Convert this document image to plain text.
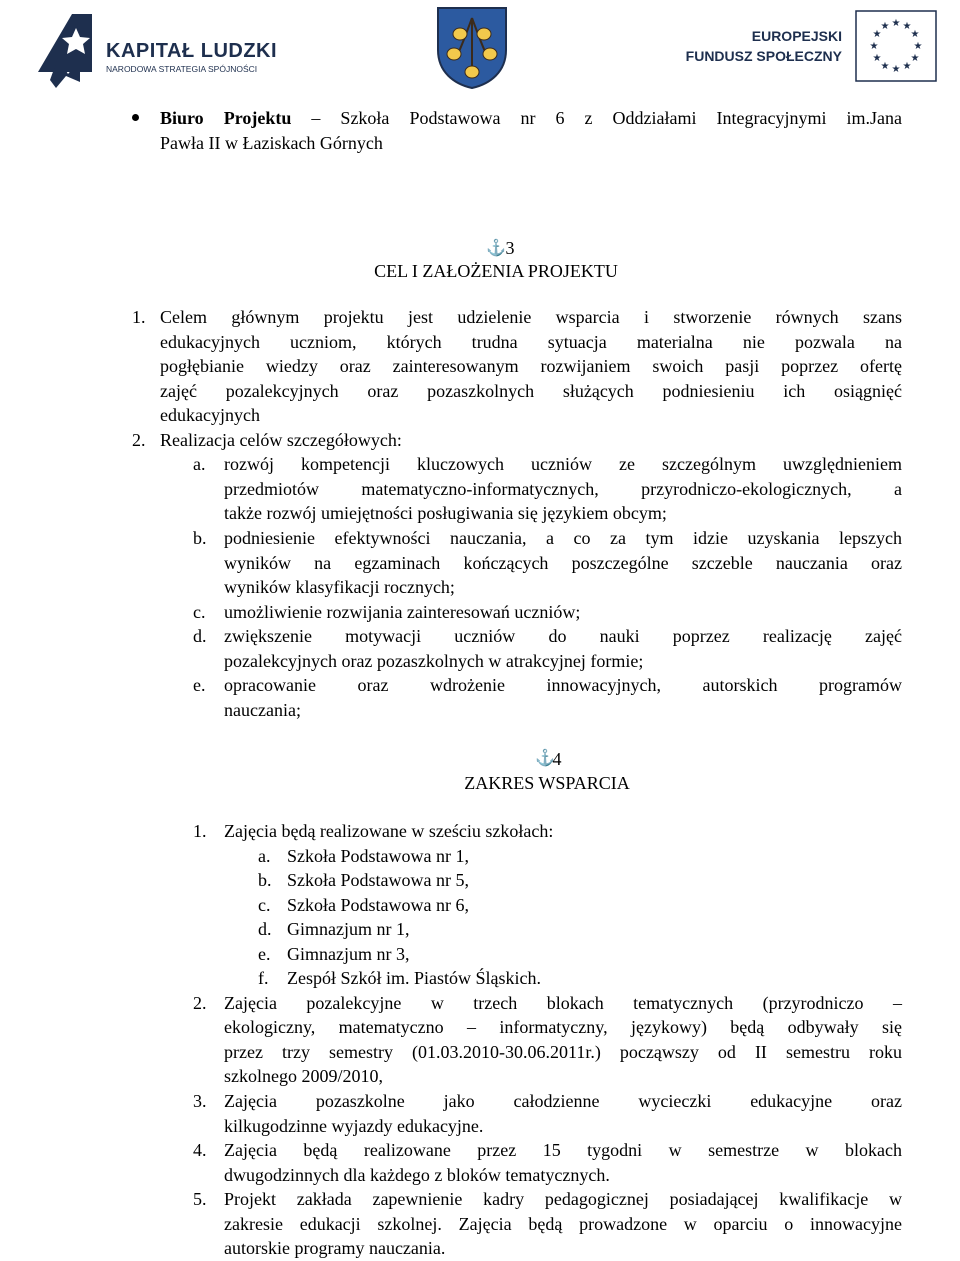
KAPITAŁ LUDZKI
NARODOWA STRATEGIA SPÓJNOŚCI
EUROPEJSKI
FUNDUSZ SPOŁECZNY
★ ★
★
★
★
★
★
★
★
★
★
★
Biuro Projektu – Szkoła Podstawowa nr 6 z Oddziałami Integracyjnymi im.Jana
Pawła II w Łaziskach Górnych
⚓ 3
CEL I ZAŁOŻENIA PROJEKTU
1. Celem głównym projektu jest udzielenie wsparcia i stworzenie równych szans
edukacyjnych uczniom, których trudna sytuacja materialna nie pozwala na
pogłębianie wiedzy oraz zainteresowanym rozwijaniem swoich pasji poprzez ofertę
zajęć pozalekcyjnych oraz pozaszkolnych służących podniesieniu ich osiągnięć
edukacyjnych
2. Realizacja celów szczegółowych:
a. rozwój kompetencji kluczowych uczniów ze szczególnym uwzględnieniem
przedmiotów matematyczno-informatycznych, przyrodniczo-ekologicznych, a
także rozwój umiejętności posługiwania się językiem obcym;
b. podniesienie efektywności nauczania, a co za tym idzie uzyskania lepszych
wyników na egzaminach kończących poszczególne szczeble nauczania oraz
wyników klasyfikacji rocznych;
c. umożliwienie rozwijania zainteresowań uczniów;
d. zwiększenie motywacji uczniów do nauki poprzez realizację zajęć
pozalekcyjnych oraz pozaszkolnych w atrakcyjnej formie;
e. opracowanie oraz wdrożenie innowacyjnych, autorskich programów
nauczania;
⚓
4
ZAKRES WSPARCIA
1. Zajęcia będą realizowane w sześciu szkołach:
a. Szkoła Podstawowa nr 1,
b. Szkoła Podstawowa nr 5,
c. Szkoła Podstawowa nr 6,
d. Gimnazjum nr 1,
e. Gimnazjum nr 3,
f. Zespół Szkół im. Piastów Śląskich.
2. Zajęcia pozalekcyjne w trzech blokach tematycznych (przyrodniczo –
ekologiczny, matematyczno – informatyczny, językowy) będą odbywały się
przez trzy semestry (01.03.2010-30.06.2011r.) począwszy od II semestru roku
szkolnego 2009/2010,
3. Zajęcia pozaszkolne jako całodzienne wycieczki edukacyjne oraz
kilkugodzinne wyjazdy edukacyjne.
4. Zajęcia będą realizowane przez 15 tygodni w semestrze w blokach
dwugodzinnych dla każdego z bloków tematycznych.
5. Projekt zakłada zapewnienie kadry pedagogicznej posiadającej kwalifikacje w
zakresie edukacji szkolnej. Zajęcia będą prowadzone w oparciu o innowacyjne
autorskie programy nauczania.
